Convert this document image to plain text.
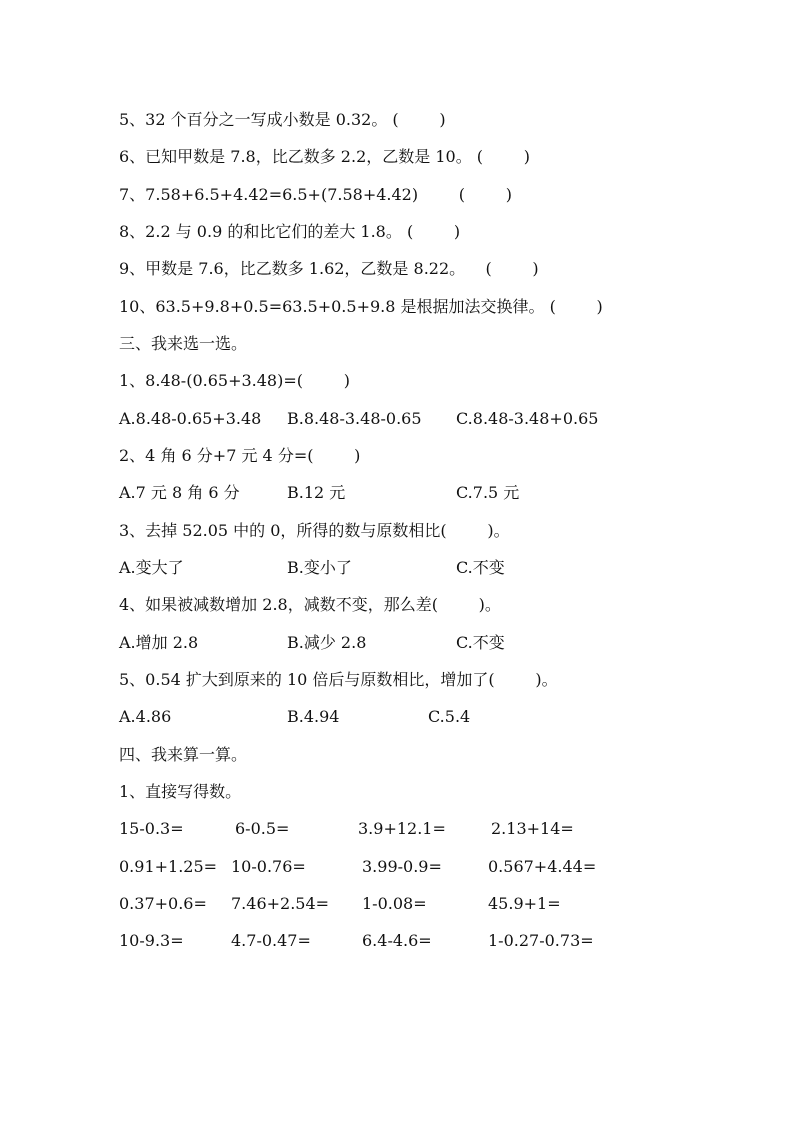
5、32 个百分之一写成小数是 0.32。 (        )
6、已知甲数是 7.8，比乙数多 2.2，乙数是 10。 (        )
7、7.58+6.5+4.42=6.5+(7.58+4.42)        (        )
8、2.2 与 0.9 的和比它们的差大 1.8。 (        )
9、甲数是 7.6，比乙数多 1.62，乙数是 8.22。    (        )
10、63.5+9.8+0.5=63.5+0.5+9.8 是根据加法交换律。 (        )
三、我来选一选。
1、8.48-(0.65+3.48)=(        )
A.8.48-0.65+3.48 B.8.48-3.48-0.65 C.8.48-3.48+0.65
2、4 角 6 分+7 元 4 分=(        )
A.7 元 8 角 6 分	B.12 元	C.7.5 元
3、去掉 52.05 中的 0，所得的数与原数相比(        )。
A.变大了	B.变小了	C.不变
4、如果被减数增加 2.8，减数不变，那么差(        )。
A.增加 2.8	B.减少 2.8	C.不变
5、0.54 扩大到原来的 10 倍后与原数相比，增加了(        )。
A.4.86	B.4.94	C.5.4
四、我来算一算。
1、直接写得数。
15-0.3=	6-0.5=	3.9+12.1=	2.13+14=
0.91+1.25= 10-0.76=	3.99-0.9=	0.567+4.44=
0.37+0.6= 7.46+2.54= 1-0.08=	45.9+1=
10-9.3=	4.7-0.47=	6.4-4.6=	1-0.27-0.73=
